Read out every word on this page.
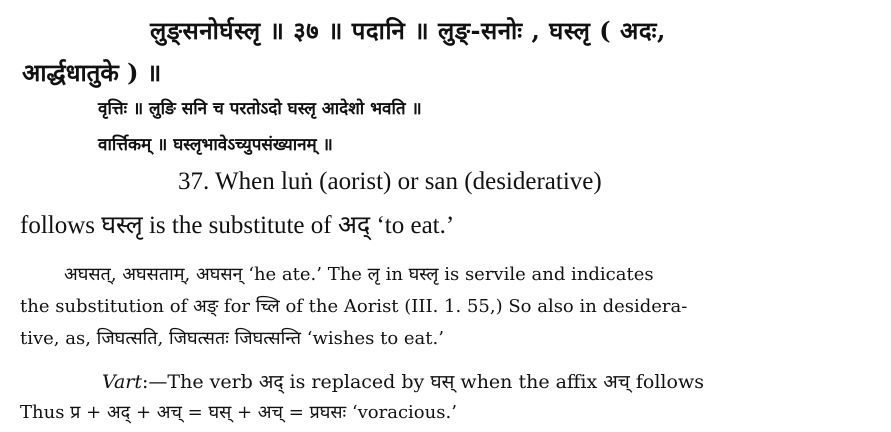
लुङ्सनोर्घस्लृ ॥ ३७ ॥ पदानि ॥ लुङ्-सनोः , घस्लृ ( अदः,
आर्द्धधातुके ) ॥
वृत्तिः ॥ लुङि सनि च परतोऽदो घस्लृ आदेशो भवति ॥
वार्त्तिकम् ॥ घस्लृभावेऽच्युपसंख्यानम् ॥
37. When luṅ (aorist) or san (desiderative)
follows घस्लृ is the substitute of अद् ‘to eat.’
अघसत्, अघसताम्, अघसन् ‘he ate.’ The लृ in घस्लृ is servile and indicates
the substitution of अङ् for च्लि of the Aorist (III. 1. 55,) So also in desidera-
tive, as, जिघत्सति, जिघत्सतः जिघत्सन्ति ‘wishes to eat.’
Vart:—The verb अद् is replaced by घस् when the affix अच् follows
Thus प्र + अद् + अच् = घस् + अच् = प्रघसः ‘voracious.’
